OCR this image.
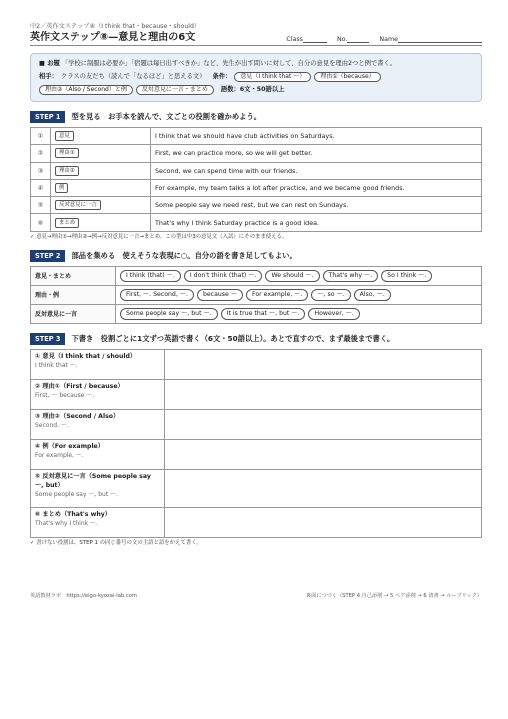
中2／英作文ステップ⑧（I think that・because・should）
英作文ステップ⑧—意見と理由の6文	Class	No.	Name
■ お題 「学校に制服は必要か」「宿題は毎日出すべきか」など、先生が出す問いに対して、自分の意見を理由2つと例で書く。
相手： クラスの友だち（読んで「なるほど」と思える文） 条件：	意見（I think that ～）	理由①（because）
理由②（Also / Second）と例	反対意見に一言・まとめ	語数：6文・50語以上
STEP 1	型を見る　お手本を読んで、文ごとの役割を確かめよう。
①	意見	I think that we should have club activities on Saturdays.
②	理由①	First, we can practice more, so we will get better.
③	理由②	Second, we can spend time with our friends.
④	例	For example, my team talks a lot after practice, and we became good friends.
⑤	反対意見に一言	Some people say we need rest, but we can rest on Sundays.
⑥	まとめ	That's why I think Saturday practice is a good idea.
✓ 意見→理由①→理由②→例→反対意見に一言→まとめ。この型は中3の意見文（入試）にそのまま使える。
STEP 2	部品を集める　使えそうな表現に○。自分の語を書き足してもよい。
意見・まとめ	I think (that) ～. I don't think (that) ～. We should ～. That's why ～. So I think ～.

理由・例	First, ～. Second, ～. because ～ For example, ～. ～, so ～. Also, ～.

反対意見に一言	Some people say ～, but ～. It is true that ～, but ～. However, ～.
STEP 3	下書き　役割ごとに1文ずつ英語で書く（6文・50語以上）。あとで直すので、まず最後まで書く。
① 意見（I think that / should）
I think that ～.	

② 理由①（First / because）
First, ～ because ～.	

③ 理由②（Second / Also）
Second, ～.	

④ 例（For example）
For example, ～.	

⑤ 反対意見に一言（Some people say ～, but）
Some people say ～, but ～.	

⑥ まとめ（That's why）
That's why I think ～.	

✓ 書けない役割は、STEP 1 の同じ番号の文の主語と語をかえて書く。
英語教材ラボ　https://eigo-kyozai-lab.com	裏面につづく（STEP 4 自己添削 → 5 ペア添削 → 6 清書 → ループリック）
